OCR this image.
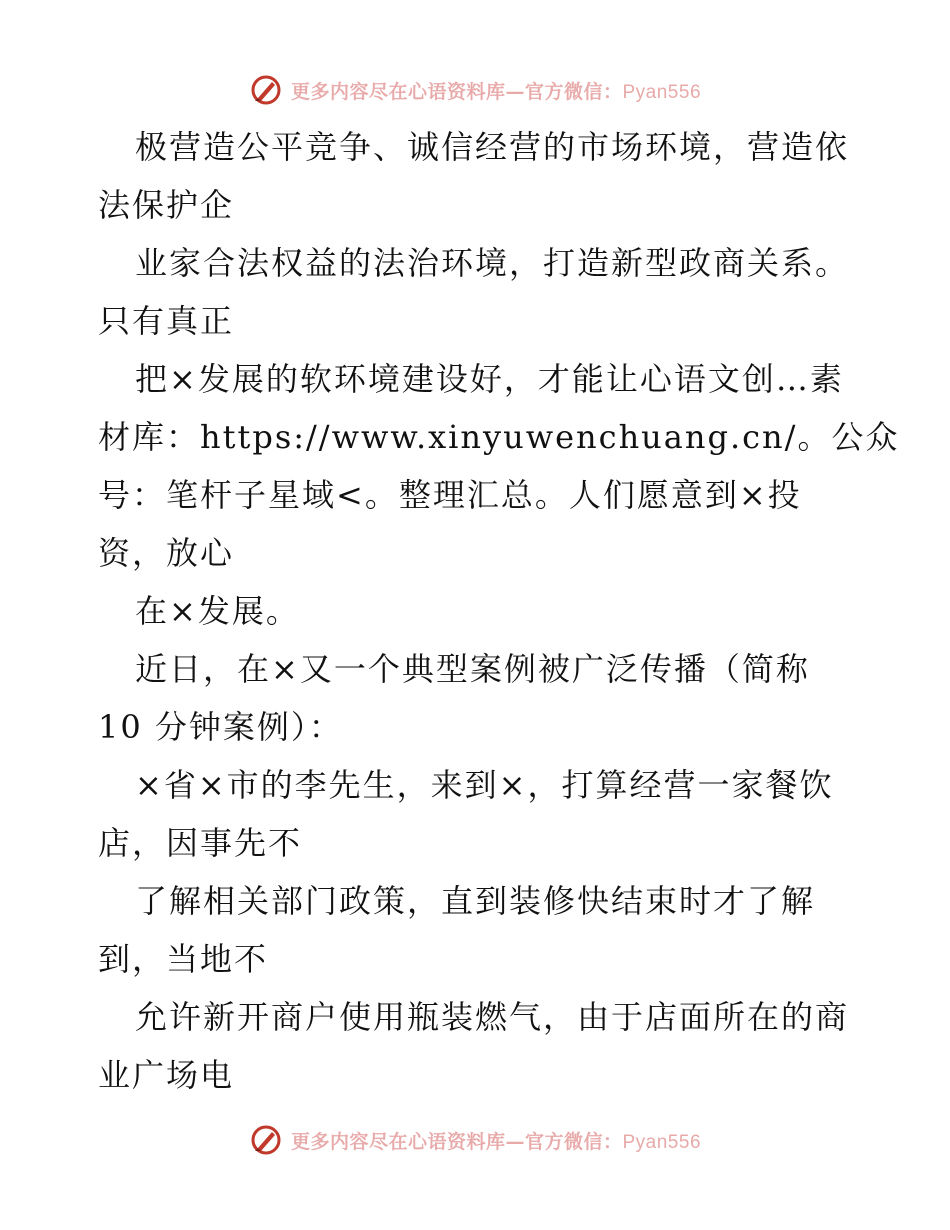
更多内容尽在心语资料库—官方微信：Pyan556
极营造公平竞争、诚信经营的市场环境，营造依
法保护企
业家合法权益的法治环境，打造新型政商关系。
只有真正
把×发展的软环境建设好，才能让心语文创…素
材库：https://www.xinyuwenchuang.cn/。公众
号：笔杆子星域<。整理汇总。人们愿意到×投
资，放心
在×发展。
近日，在×又一个典型案例被广泛传播（简称
10 分钟案例）：
×省×市的李先生，来到×，打算经营一家餐饮
店，因事先不
了解相关部门政策，直到装修快结束时才了解
到，当地不
允许新开商户使用瓶装燃气，由于店面所在的商
业广场电
更多内容尽在心语资料库—官方微信：Pyan556
